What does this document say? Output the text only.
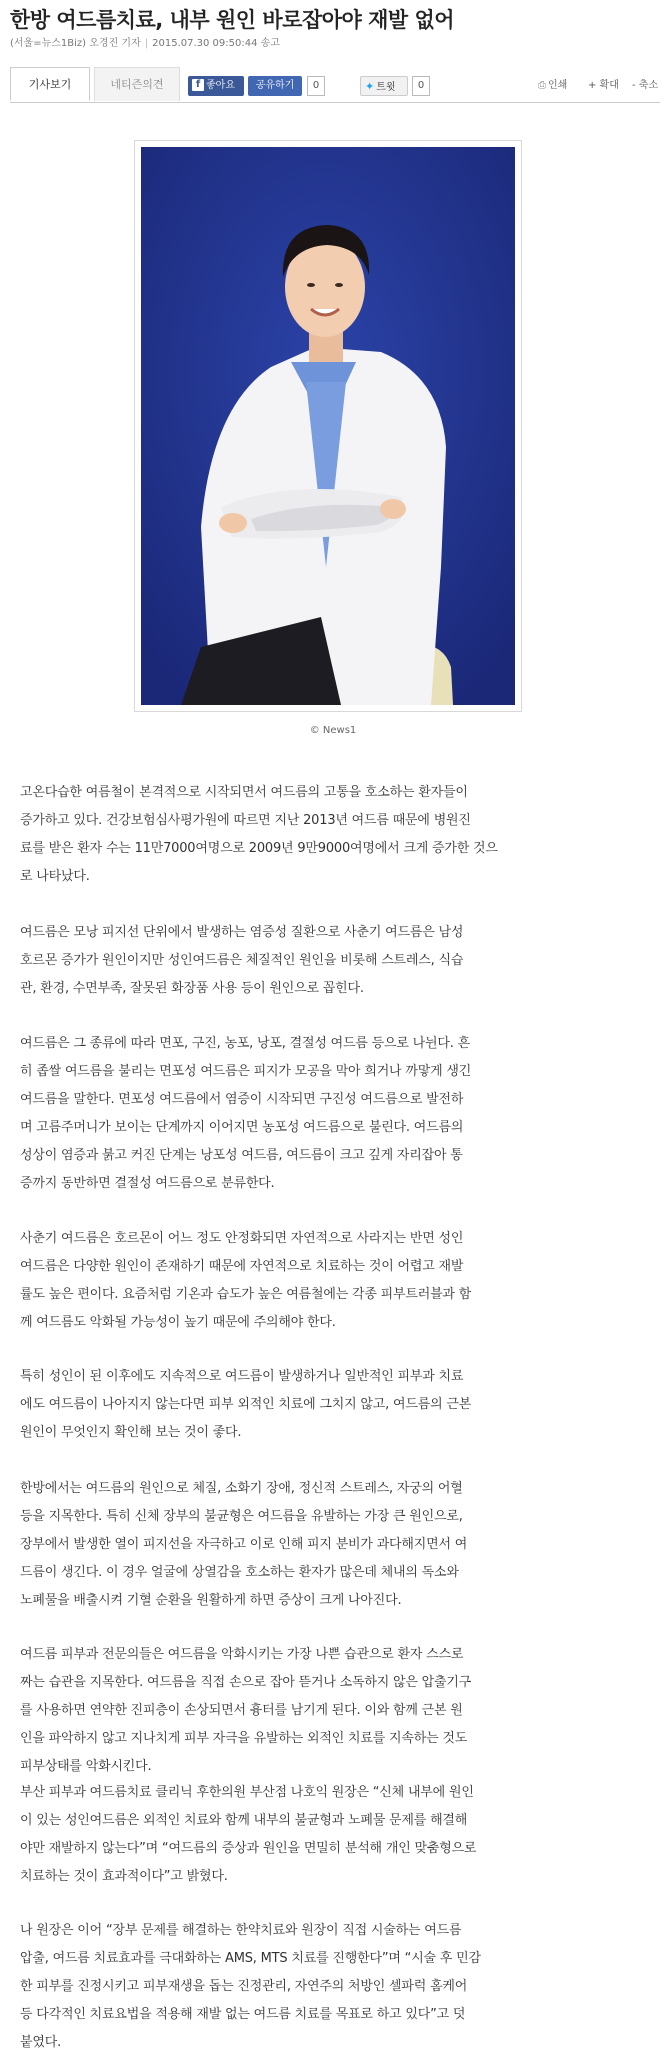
한방 여드름치료, 내부 원인 바로잡아야 재발 없어
(서울=뉴스1Biz) 오경진 기자 | 2015.07.30 09:50:44 송고
기사보기	네티즌의견	f 좋아요	공유하기	0	✦ 트윗	0	⎙ 인쇄 + 확대 - 축소
© News1

고온다습한 여름철이 본격적으로 시작되면서 여드름의 고통을 호소하는 환자들이
증가하고 있다. 건강보험심사평가원에 따르면 지난 2013년 여드름 때문에 병원진
료를 받은 환자 수는 11만7000여명으로 2009년 9만9000여명에서 크게 증가한 것으
로 나타났다.

여드름은 모낭 피지선 단위에서 발생하는 염증성 질환으로 사춘기 여드름은 남성
호르몬 증가가 원인이지만 성인여드름은 체질적인 원인을 비롯해 스트레스, 식습
관, 환경, 수면부족, 잘못된 화장품 사용 등이 원인으로 꼽힌다.

여드름은 그 종류에 따라 면포, 구진, 농포, 낭포, 결절성 여드름 등으로 나뉜다. 흔
히 좁쌀 여드름을 불리는 면포성 여드름은 피지가 모공을 막아 희거나 까맣게 생긴
여드름을 말한다. 면포성 여드름에서 염증이 시작되면 구진성 여드름으로 발전하
며 고름주머니가 보이는 단계까지 이어지면 농포성 여드름으로 불린다. 여드름의
성상이 염증과 붉고 커진 단계는 낭포성 여드름, 여드름이 크고 깊게 자리잡아 통
증까지 동반하면 결절성 여드름으로 분류한다.

사춘기 여드름은 호르몬이 어느 정도 안정화되면 자연적으로 사라지는 반면 성인
여드름은 다양한 원인이 존재하기 때문에 자연적으로 치료하는 것이 어렵고 재발
률도 높은 편이다. 요즘처럼 기온과 습도가 높은 여름철에는 각종 피부트러블과 함
께 여드름도 악화될 가능성이 높기 때문에 주의해야 한다.

특히 성인이 된 이후에도 지속적으로 여드름이 발생하거나 일반적인 피부과 치료
에도 여드름이 나아지지 않는다면 피부 외적인 치료에 그치지 않고, 여드름의 근본
원인이 무엇인지 확인해 보는 것이 좋다.

한방에서는 여드름의 원인으로 체질, 소화기 장애, 정신적 스트레스, 자궁의 어혈
등을 지목한다. 특히 신체 장부의 불균형은 여드름을 유발하는 가장 큰 원인으로,
장부에서 발생한 열이 피지선을 자극하고 이로 인해 피지 분비가 과다해지면서 여
드름이 생긴다. 이 경우 얼굴에 상열감을 호소하는 환자가 많은데 체내의 독소와
노폐물을 배출시켜 기혈 순환을 원활하게 하면 증상이 크게 나아진다.

여드름 피부과 전문의들은 여드름을 악화시키는 가장 나쁜 습관으로 환자 스스로
짜는 습관을 지목한다. 여드름을 직접 손으로 잡아 뜯거나 소독하지 않은 압출기구
를 사용하면 연약한 진피층이 손상되면서 흉터를 남기게 된다. 이와 함께 근본 원
인을 파악하지 않고 지나치게 피부 자극을 유발하는 외적인 치료를 지속하는 것도
피부상태를 악화시킨다.

부산 피부과 여드름치료 클리닉 후한의원 부산점 나호익 원장은 “신체 내부에 원인
이 있는 성인여드름은 외적인 치료와 함께 내부의 불균형과 노폐물 문제를 해결해
야만 재발하지 않는다”며 “여드름의 증상과 원인을 면밀히 분석해 개인 맞춤형으로
치료하는 것이 효과적이다”고 밝혔다.

나 원장은 이어 “장부 문제를 해결하는 한약치료와 원장이 직접 시술하는 여드름
압출, 여드름 치료효과를 극대화하는 AMS, MTS 치료를 진행한다”며 “시술 후 민감
한 피부를 진정시키고 피부재생을 돕는 진정관리, 자연주의 처방인 셀파럭 홈케어
등 다각적인 치료요법을 적용해 재발 없는 여드름 치료를 목표로 하고 있다”고 덧
붙였다.
